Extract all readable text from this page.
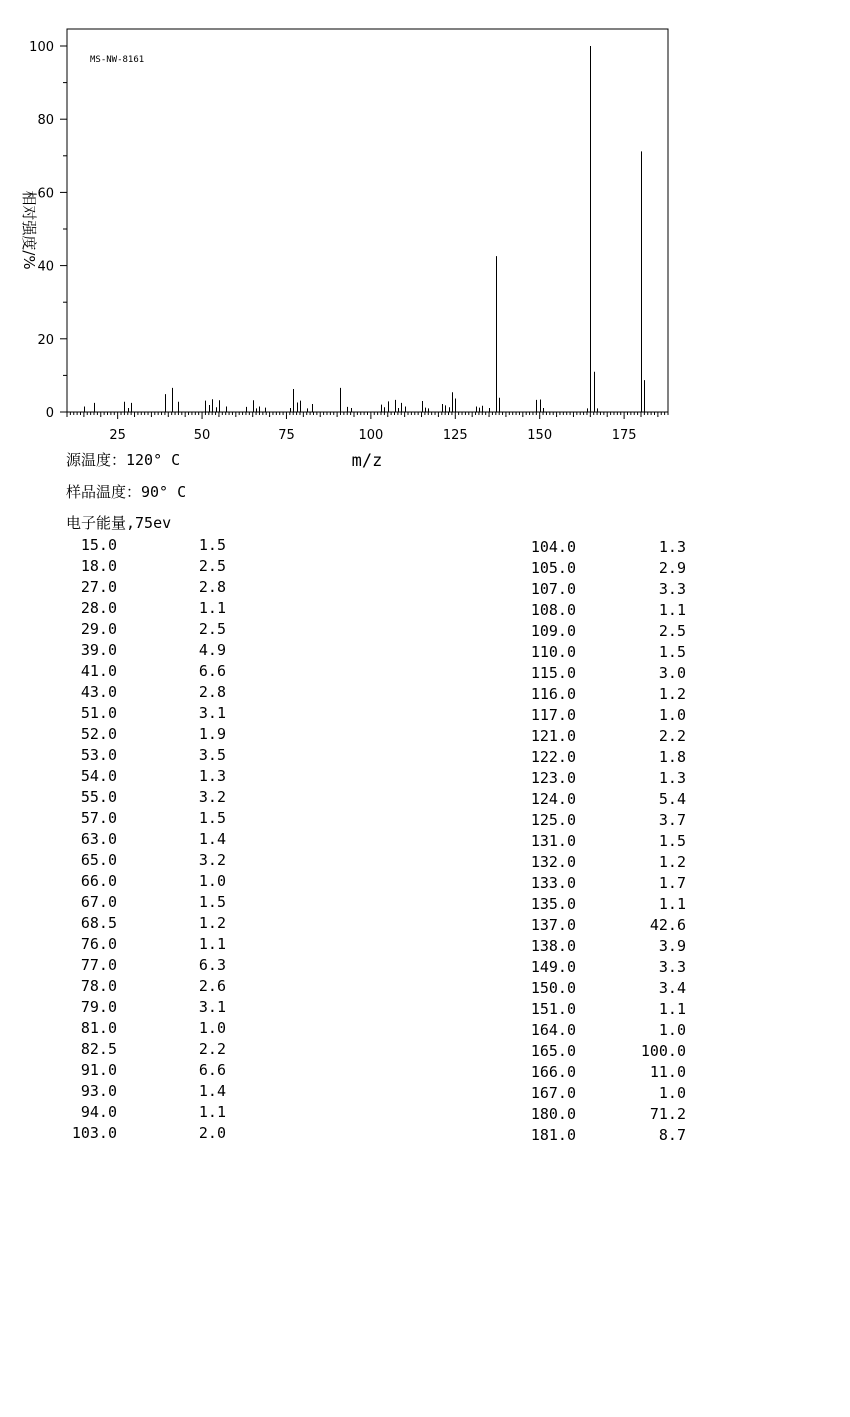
MS-NW-8161
0
20
40
60
80
100
25	50	75	100	125	150	175
m/z
相对强度/%
源温度：120° C
样品温度：90° C
电子能量,75ev
15.0	1.5
18.0	2.5
27.0	2.8
28.0	1.1
29.0	2.5
39.0	4.9
41.0	6.6
43.0	2.8
51.0	3.1
52.0	1.9
53.0	3.5
54.0	1.3
55.0	3.2
57.0	1.5
63.0	1.4
65.0	3.2
66.0	1.0
67.0	1.5
68.5	1.2
76.0	1.1
77.0	6.3
78.0	2.6
79.0	3.1
81.0	1.0
82.5	2.2
91.0	6.6
93.0	1.4
94.0	1.1
103.0	2.0
104.0	1.3
105.0	2.9
107.0	3.3
108.0	1.1
109.0	2.5
110.0	1.5
115.0	3.0
116.0	1.2
117.0	1.0
121.0	2.2
122.0	1.8
123.0	1.3
124.0	5.4
125.0	3.7
131.0	1.5
132.0	1.2
133.0	1.7
135.0	1.1
137.0	42.6
138.0	3.9
149.0	3.3
150.0	3.4
151.0	1.1
164.0	1.0
165.0	100.0
166.0	11.0
167.0	1.0
180.0	71.2
181.0	8.7
